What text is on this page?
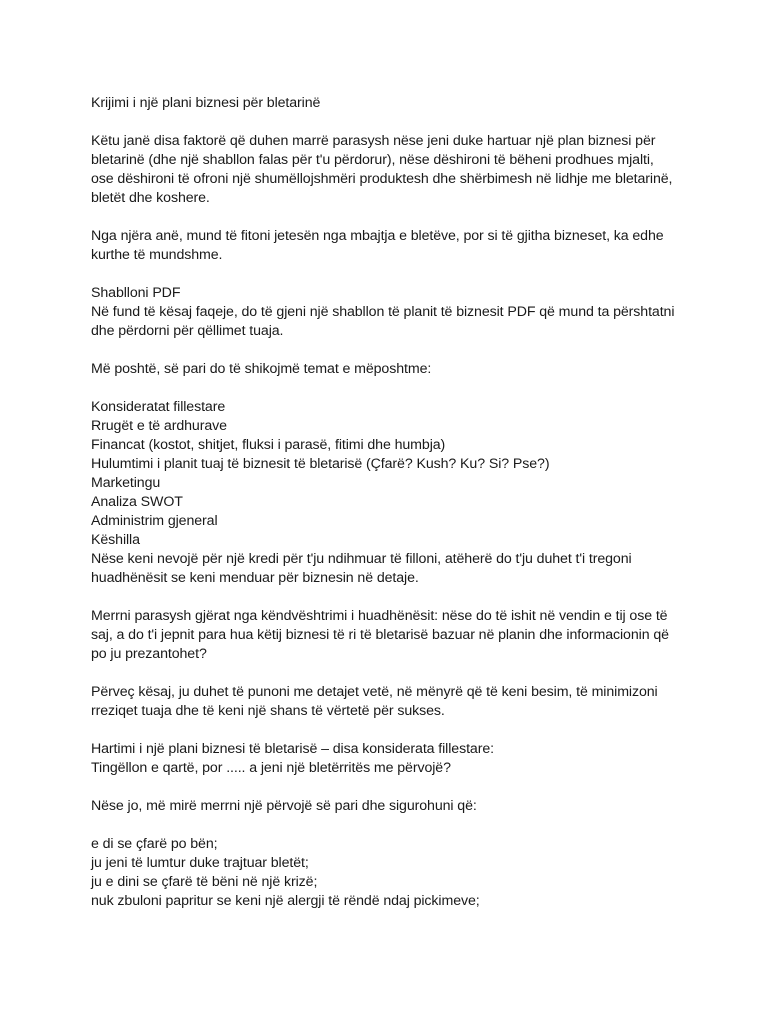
Krijimi i një plani biznesi për bletarinë
Këtu janë disa faktorë që duhen marrë parasysh nëse jeni duke hartuar një plan biznesi për
bletarinë (dhe një shabllon falas për t'u përdorur), nëse dëshironi të bëheni prodhues mjalti,
ose dëshironi të ofroni një shumëllojshmëri produktesh dhe shërbimesh në lidhje me bletarinë,
bletët dhe koshere.
Nga njëra anë, mund të fitoni jetesën nga mbajtja e bletëve, por si të gjitha bizneset, ka edhe
kurthe të mundshme.
Shablloni PDF
Në fund të kësaj faqeje, do të gjeni një shabllon të planit të biznesit PDF që mund ta përshtatni
dhe përdorni për qëllimet tuaja.
Më poshtë, së pari do të shikojmë temat e mëposhtme:
Konsideratat fillestare
Rrugët e të ardhurave
Financat (kostot, shitjet, fluksi i parasë, fitimi dhe humbja)
Hulumtimi i planit tuaj të biznesit të bletarisë (Çfarë? Kush? Ku? Si? Pse?)
Marketingu
Analiza SWOT
Administrim gjeneral
Këshilla
Nëse keni nevojë për një kredi për t'ju ndihmuar të filloni, atëherë do t'ju duhet t'i tregoni
huadhënësit se keni menduar për biznesin në detaje.
Merrni parasysh gjërat nga këndvështrimi i huadhënësit: nëse do të ishit në vendin e tij ose të
saj, a do t'i jepnit para hua këtij biznesi të ri të bletarisë bazuar në planin dhe informacionin që
po ju prezantohet?
Përveç kësaj, ju duhet të punoni me detajet vetë, në mënyrë që të keni besim, të minimizoni
rreziqet tuaja dhe të keni një shans të vërtetë për sukses.
Hartimi i një plani biznesi të bletarisë – disa konsiderata fillestare:
Tingëllon e qartë, por ..... a jeni një bletërritës me përvojë?
Nëse jo, më mirë merrni një përvojë së pari dhe sigurohuni që:
e di se çfarë po bën;
ju jeni të lumtur duke trajtuar bletët;
ju e dini se çfarë të bëni në një krizë;
nuk zbuloni papritur se keni një alergji të rëndë ndaj pickimeve;
